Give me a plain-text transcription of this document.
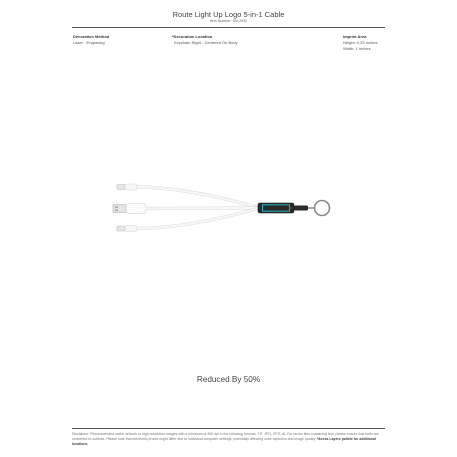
Route Light Up Logo 5-in-1 Cable
Item Number: SM-2632
Decoration Method
Laser - Engraving
*Decoration Location
Keychain Right - Centered On Body
Imprint Area
Height: 0.25 Inches
Width: 1 Inches
Reduced By 50%
Disclaimer: Recommended vector artwork or high-resolution images with a minimum of 300 dpi in the following formats: TIF, JPG, EPS, AI. For vector files containing text, please ensure that fonts are converted to outlines. Please note that electronic proofs might differ due to individual computer settings, potentially affecting color depiction and image quality. *Acess Layers pallete for additional locations.
